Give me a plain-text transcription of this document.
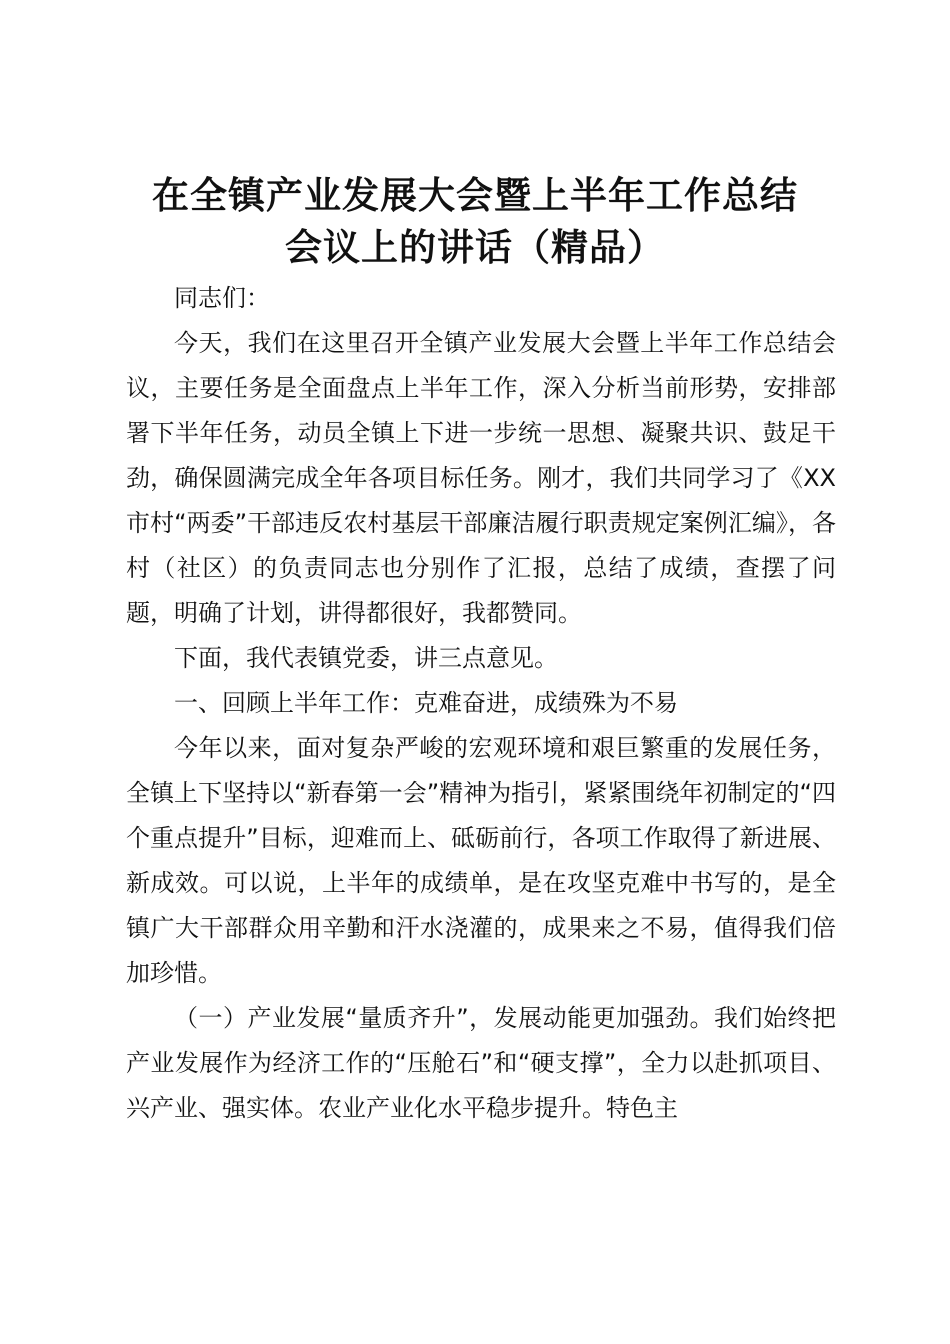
在全镇产业发展大会暨上半年工作总结
会议上的讲话（精品）

同志们：

今天，我们在这里召开全镇产业发展大会暨上半年工作总结会议，主要任务是全面盘点上半年工作，深入分析当前形势，安排部署下半年任务，动员全镇上下进一步统一思想、凝聚共识、鼓足干劲，确保圆满完成全年各项目标任务。刚才，我们共同学习了《XX市村“两委”干部违反农村基层干部廉洁履行职责规定案例汇编》，各村（社区）的负责同志也分别作了汇报，总结了成绩，查摆了问题，明确了计划，讲得都很好，我都赞同。

下面，我代表镇党委，讲三点意见。

一、回顾上半年工作：克难奋进，成绩殊为不易

今年以来，面对复杂严峻的宏观环境和艰巨繁重的发展任务，全镇上下坚持以“新春第一会”精神为指引，紧紧围绕年初制定的“四个重点提升”目标，迎难而上、砥砺前行，各项工作取得了新进展、新成效。可以说，上半年的成绩单，是在攻坚克难中书写的，是全镇广大干部群众用辛勤和汗水浇灌的，成果来之不易，值得我们倍加珍惜。

（一）产业发展“量质齐升”，发展动能更加强劲。我们始终把产业发展作为经济工作的“压舱石”和“硬支撑”，全力以赴抓项目、兴产业、强实体。农业产业化水平稳步提升。特色主
